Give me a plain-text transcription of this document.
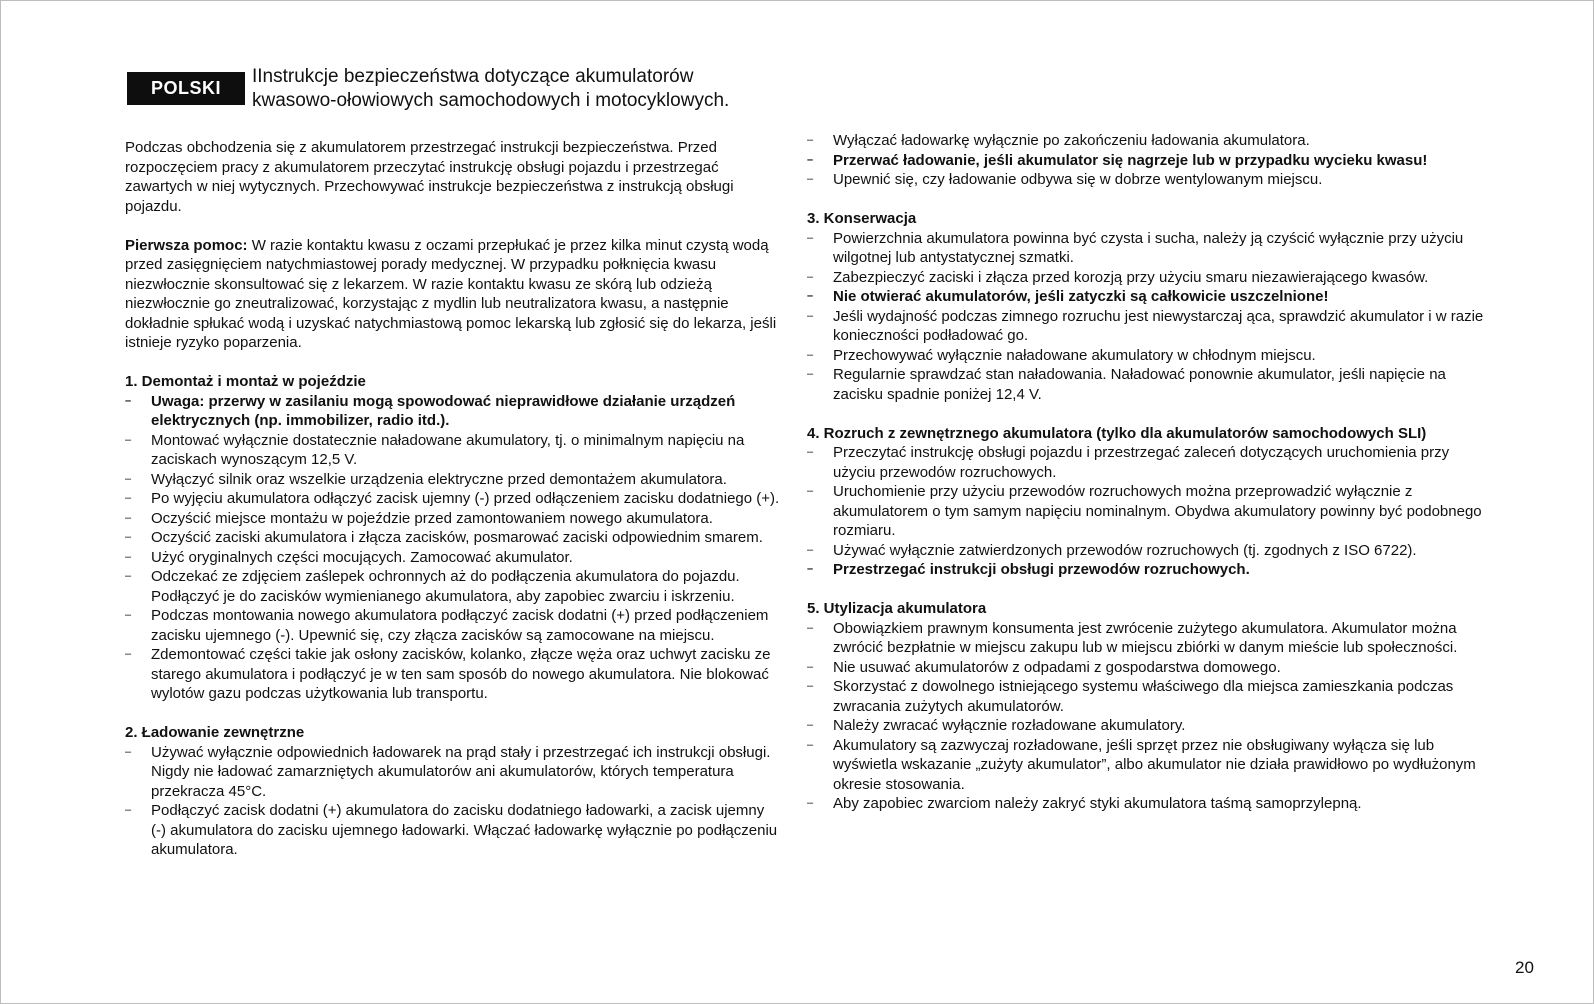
POLSKI
IInstrukcje bezpieczeństwa dotyczące akumulatorów
kwasowo-ołowiowych samochodowych i motocyklowych.

Podczas obchodzenia się z akumulatorem przestrzegać instrukcji bezpieczeństwa. Przed rozpoczęciem pracy z akumulatorem przeczytać instrukcję obsługi pojazdu i przestrzegać zawartych w niej wytycznych. Przechowywać instrukcje bezpieczeństwa z instrukcją obsługi pojazdu.

Pierwsza pomoc: W razie kontaktu kwasu z oczami przepłukać je przez kilka minut czystą wodą przed zasięgnięciem natychmiastowej porady medycznej. W przypadku połknięcia kwasu niezwłocznie skonsultować się z lekarzem. W razie kontaktu kwasu ze skórą lub odzieżą niezwłocznie go zneutralizować, korzystając z mydlin lub neutralizatora kwasu, a następnie dokładnie spłukać wodą i uzyskać natychmiastową pomoc lekarską lub zgłosić się do lekarza, jeśli istnieje ryzyko poparzenia.

1. Demontaż i montaż w pojeździe
– Uwaga: przerwy w zasilaniu mogą spowodować nieprawidłowe działanie urządzeń elektrycznych (np. immobilizer, radio itd.).
– Montować wyłącznie dostatecznie naładowane akumulatory, tj. o minimalnym napięciu na zaciskach wynoszącym 12,5 V.
– Wyłączyć silnik oraz wszelkie urządzenia elektryczne przed demontażem akumulatora.
– Po wyjęciu akumulatora odłączyć zacisk ujemny (-) przed odłączeniem zacisku dodatniego (+).
– Oczyścić miejsce montażu w pojeździe przed zamontowaniem nowego akumulatora.
– Oczyścić zaciski akumulatora i złącza zacisków, posmarować zaciski odpowiednim smarem.
– Użyć oryginalnych części mocujących. Zamocować akumulator.
– Odczekać ze zdjęciem zaślepek ochronnych aż do podłączenia akumulatora do pojazdu. Podłączyć je do zacisków wymienianego akumulatora, aby zapobiec zwarciu i iskrzeniu.
– Podczas montowania nowego akumulatora podłączyć zacisk dodatni (+) przed podłączeniem zacisku ujemnego (-). Upewnić się, czy złącza zacisków są zamocowane na miejscu.
– Zdemontować części takie jak osłony zacisków, kolanko, złącze węża oraz uchwyt zacisku ze starego akumulatora i podłączyć je w ten sam sposób do nowego akumulatora. Nie blokować wylotów gazu podczas użytkowania lub transportu.
2. Ładowanie zewnętrzne
– Używać wyłącznie odpowiednich ładowarek na prąd stały i przestrzegać ich instrukcji obsługi. Nigdy nie ładować zamarzniętych akumulatorów ani akumulatorów, których temperatura przekracza 45°C.
– Podłączyć zacisk dodatni (+) akumulatora do zacisku dodatniego ładowarki, a zacisk ujemny (-) akumulatora do zacisku ujemnego ładowarki. Włączać ładowarkę wyłącznie po podłączeniu akumulatora.
– Wyłączać ładowarkę wyłącznie po zakończeniu ładowania akumulatora.
– Przerwać ładowanie, jeśli akumulator się nagrzeje lub w przypadku wycieku kwasu!
– Upewnić się, czy ładowanie odbywa się w dobrze wentylowanym miejscu.
3. Konserwacja
– Powierzchnia akumulatora powinna być czysta i sucha, należy ją czyścić wyłącznie przy użyciu wilgotnej lub antystatycznej szmatki.
– Zabezpieczyć zaciski i złącza przed korozją przy użyciu smaru niezawierającego kwasów.
– Nie otwierać akumulatorów, jeśli zatyczki są całkowicie uszczelnione!
– Jeśli wydajność podczas zimnego rozruchu jest niewystarczaj ąca, sprawdzić akumulator i w razie konieczności podładować go.
– Przechowywać wyłącznie naładowane akumulatory w chłodnym miejscu.
– Regularnie sprawdzać stan naładowania. Naładować ponownie akumulator, jeśli napięcie na zacisku spadnie poniżej 12,4 V.
4. Rozruch z zewnętrznego akumulatora (tylko dla akumulatorów samochodowych SLI)
– Przeczytać instrukcję obsługi pojazdu i przestrzegać zaleceń dotyczących uruchomienia przy użyciu przewodów rozruchowych.
– Uruchomienie przy użyciu przewodów rozruchowych można przeprowadzić wyłącznie z akumulatorem o tym samym napięciu nominalnym. Obydwa akumulatory powinny być podobnego rozmiaru.
– Używać wyłącznie zatwierdzonych przewodów rozruchowych (tj. zgodnych z ISO 6722).
– Przestrzegać instrukcji obsługi przewodów rozruchowych.
5. Utylizacja akumulatora
– Obowiązkiem prawnym konsumenta jest zwrócenie zużytego akumulatora. Akumulator można zwrócić bezpłatnie w miejscu zakupu lub w miejscu zbiórki w danym mieście lub społeczności.
– Nie usuwać akumulatorów z odpadami z gospodarstwa domowego.
– Skorzystać z dowolnego istniejącego systemu właściwego dla miejsca zamieszkania podczas zwracania zużytych akumulatorów.
– Należy zwracać wyłącznie rozładowane akumulatory.
– Akumulatory są zazwyczaj rozładowane, jeśli sprzęt przez nie obsługiwany wyłącza się lub wyświetla wskazanie „zużyty akumulator”, albo akumulator nie działa prawidłowo po wydłużonym okresie stosowania.
– Aby zapobiec zwarciom należy zakryć styki akumulatora taśmą samoprzylepną.
20
